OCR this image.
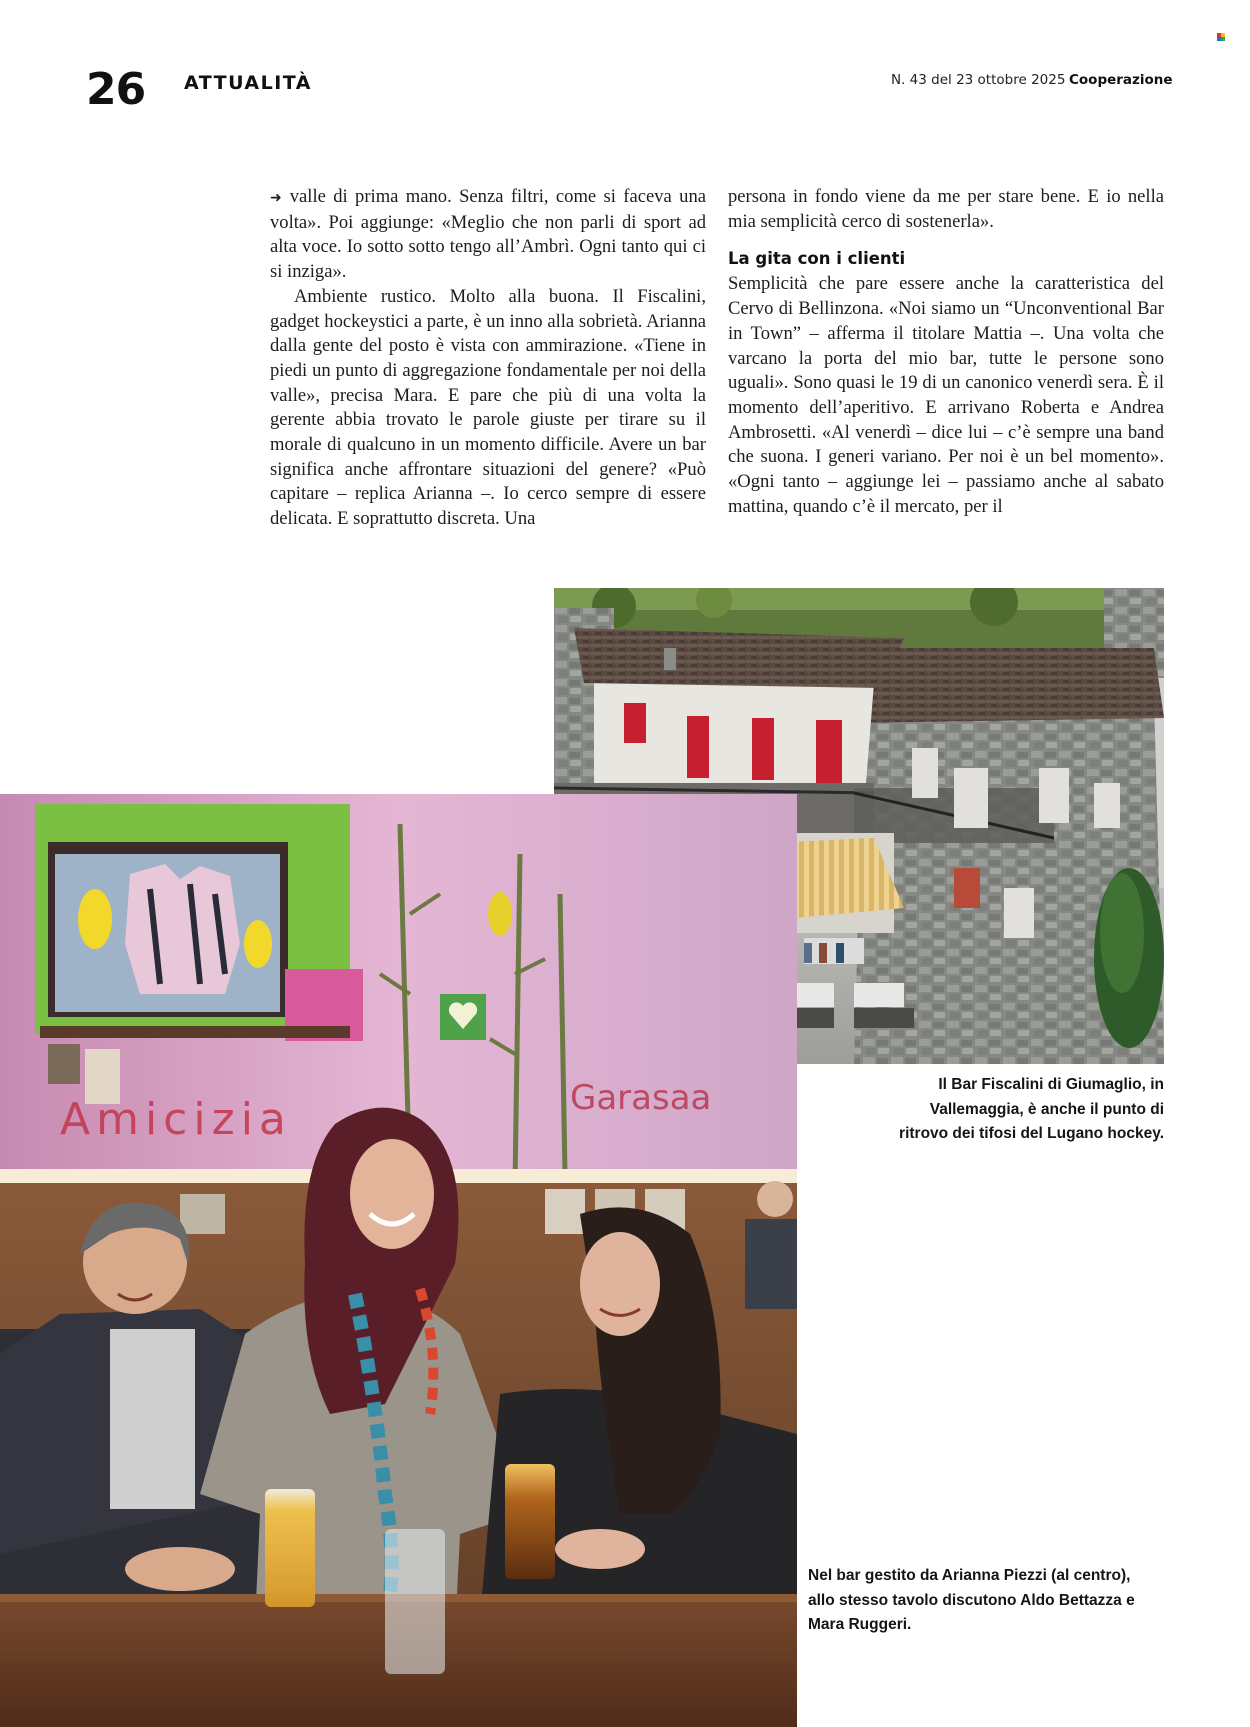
26 ATTUALITÀ	N. 43 del 23 ottobre 2025 Cooperazione

➜ valle di prima mano. Senza filtri, come si faceva una volta». Poi aggiunge: «Meglio che non parli di sport ad alta voce. Io sotto sotto tengo all’Ambrì. Ogni tanto qui ci si inziga».

Ambiente rustico. Molto alla buona. Il Fiscalini, gadget hockeystici a parte, è un inno alla sobrietà. Arianna dalla gente del posto è vista con ammirazione. «Tiene in piedi un punto di aggregazione fondamentale per noi della valle», precisa Mara. E pare che più di una volta la gerente abbia trovato le parole giuste per tirare su il morale di qualcuno in un momento difficile. Avere un bar significa anche affrontare situazioni del genere? «Può capitare – replica Arianna –. Io cerco sempre di essere delicata. E soprattutto discreta. Una

persona in fondo viene da me per stare bene. E io nella mia semplicità cerco di sostenerla».

La gita con i clienti

Semplicità che pare essere anche la caratteristica del Cervo di Bellinzona. «Noi siamo un “Unconventional Bar in Town” – afferma il titolare Mattia –. Una volta che varcano la porta del mio bar, tutte le persone sono uguali». Sono quasi le 19 di un canonico venerdì sera. È il momento dell’aperitivo. E arrivano Roberta e Andrea Ambrosetti. «Al venerdì – dice lui – c’è sempre una band che suona. I generi variano. Per noi è un bel momento». «Ogni tanto – aggiunge lei – passiamo anche al sabato mattina, quando c’è il mercato, per il

Amicizia	Garasaa	Il Bar Fiscalini di Giumaglio, in Vallemaggia, è anche il punto di ritrovo dei tifosi del Lugano hockey.
Nel bar gestito da Arianna Piezzi (al centro), allo stesso tavolo discutono Aldo Bettazza e Mara Ruggeri.
